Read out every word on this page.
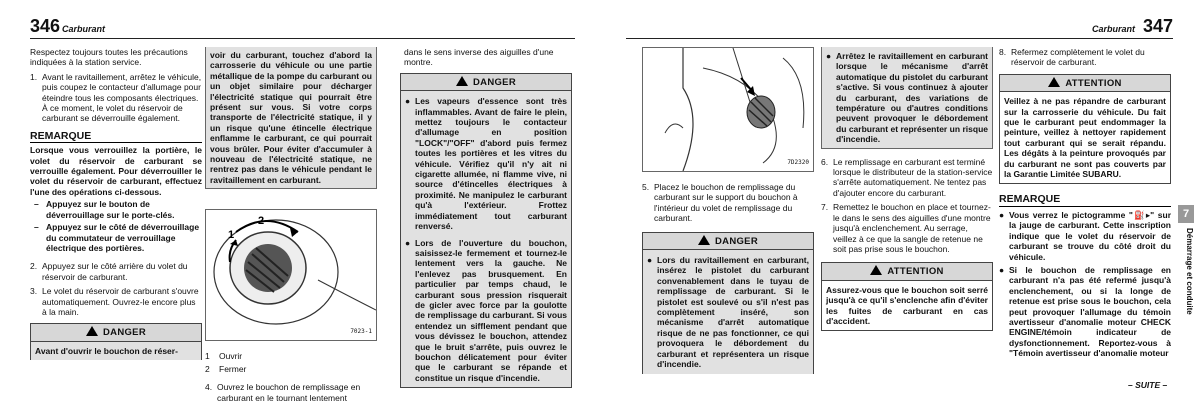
346 Carburant	Carburant 347

Respectez toujours toutes les précautions indiquées à la station service.

1. Avant le ravitaillement, arrêtez le véhicule, puis coupez le contacteur d'allumage pour éteindre tous les composants électriques. À ce moment, le volet du réservoir de carburant se déverrouille également.
REMARQUE

Lorsque vous verrouillez la portière, le volet du réservoir de carburant se verrouille également. Pour déverrouiller le volet du réservoir de carburant, effectuez l'une des opérations ci-dessous.

– Appuyez sur le bouton de déverrouillage sur le porte-clés.
– Appuyez sur le côté de déverrouillage du commutateur de verrouillage électrique des portières.
2. Appuyez sur le côté arrière du volet du réservoir de carburant.
3. Le volet du réservoir de carburant s'ouvre automatiquement. Ouvrez-le encore plus à la main.
DANGER
Avant d'ouvrir le bouchon de réser-
voir du carburant, touchez d'abord la carrosserie du véhicule ou une partie métallique de la pompe du carburant ou un objet similaire pour décharger l'électricité statique qui pourrait être présent sur vous. Si votre corps transporte de l'électricité statique, il y un risque qu'une étincelle électrique enflamme le carburant, ce qui pourrait vous brûler. Pour éviter d'accumuler à nouveau de l'électricité statique, ne rentrez pas dans le véhicule pendant le ravitaillement en carburant.
1
2
7023-1
1	Ouvrir
2	Fermer
4. Ouvrez le bouchon de remplissage en carburant en le tournant lentement

dans le sens inverse des aiguilles d'une montre.

DANGER
● Les vapeurs d'essence sont très inflammables. Avant de faire le plein, mettez toujours le contacteur d'allumage en position "LOCK"/"OFF" d'abord puis fermez toutes les portières et les vitres du véhicule. Vérifiez qu'il n'y ait ni cigarette allumée, ni flamme vive, ni source d'étincelles électriques à proximité. Ne manipulez le carburant qu'à l'extérieur. Frottez immédiatement tout carburant renversé.
● Lors de l'ouverture du bouchon, saisissez-le fermement et tournez-le lentement vers la gauche. Ne l'enlevez pas brusquement. En particulier par temps chaud, le carburant sous pression risquerait de gicler avec force par la goulotte de remplissage du carburant. Si vous entendez un sifflement pendant que vous dévissez le bouchon, attendez que le bruit s'arrête, puis ouvrez le bouchon délicatement pour éviter que le carburant se répande et constitue un risque d'incendie.
7D2320
5. Placez le bouchon de remplissage du carburant sur le support du bouchon à l'intérieur du volet de remplissage du carburant.
DANGER
● Lors du ravitaillement en carburant, insérez le pistolet du carburant convenablement dans le tuyau de remplissage de carburant. Si le pistolet est soulevé ou s'il n'est pas complètement inséré, son mécanisme d'arrêt automatique risque de ne pas fonctionner, ce qui provoquera le débordement du carburant et représentera un risque d'incendie.
● Arrêtez le ravitaillement en carburant lorsque le mécanisme d'arrêt automatique du pistolet du carburant s'active. Si vous continuez à ajouter du carburant, des variations de température ou d'autres conditions peuvent provoquer le débordement du carburant et représenter un risque d'incendie.
6. Le remplissage en carburant est terminé lorsque le distributeur de la station-service s'arrête automatiquement. Ne tentez pas d'ajouter encore du carburant.
7. Remettez le bouchon en place et tournez-le dans le sens des aiguilles d'une montre jusqu'à enclenchement. Au serrage, veillez à ce que la sangle de retenue ne soit pas prise sous le bouchon.
ATTENTION
Assurez-vous que le bouchon soit serré jusqu'à ce qu'il s'enclenche afin d'éviter les fuites de carburant en cas d'accident.
8. Refermez complètement le volet du réservoir de carburant.
ATTENTION
Veillez à ne pas répandre de carburant sur la carrosserie du véhicule. Du fait que le carburant peut endommager la peinture, veillez à nettoyer rapidement tout carburant qui se serait répandu. Les dégâts à la peinture provoqués par du carburant ne sont pas couverts par la Garantie Limitée SUBARU.
REMARQUE
● Vous verrez le pictogramme "⛽▸" sur la jauge de carburant. Cette inscription indique que le volet du réservoir de carburant se trouve du côté droit du véhicule.
● Si le bouchon de remplissage en carburant n'a pas été refermé jusqu'à enclenchement, ou si la longe de retenue est prise sous le bouchon, cela peut provoquer l'allumage du témoin avertisseur d'anomalie moteur CHECK ENGINE/témoin indicateur de dysfonctionnement. Reportez-vous à "Témoin avertisseur d'anomalie moteur
7
Démarrage et conduite
– SUITE –
